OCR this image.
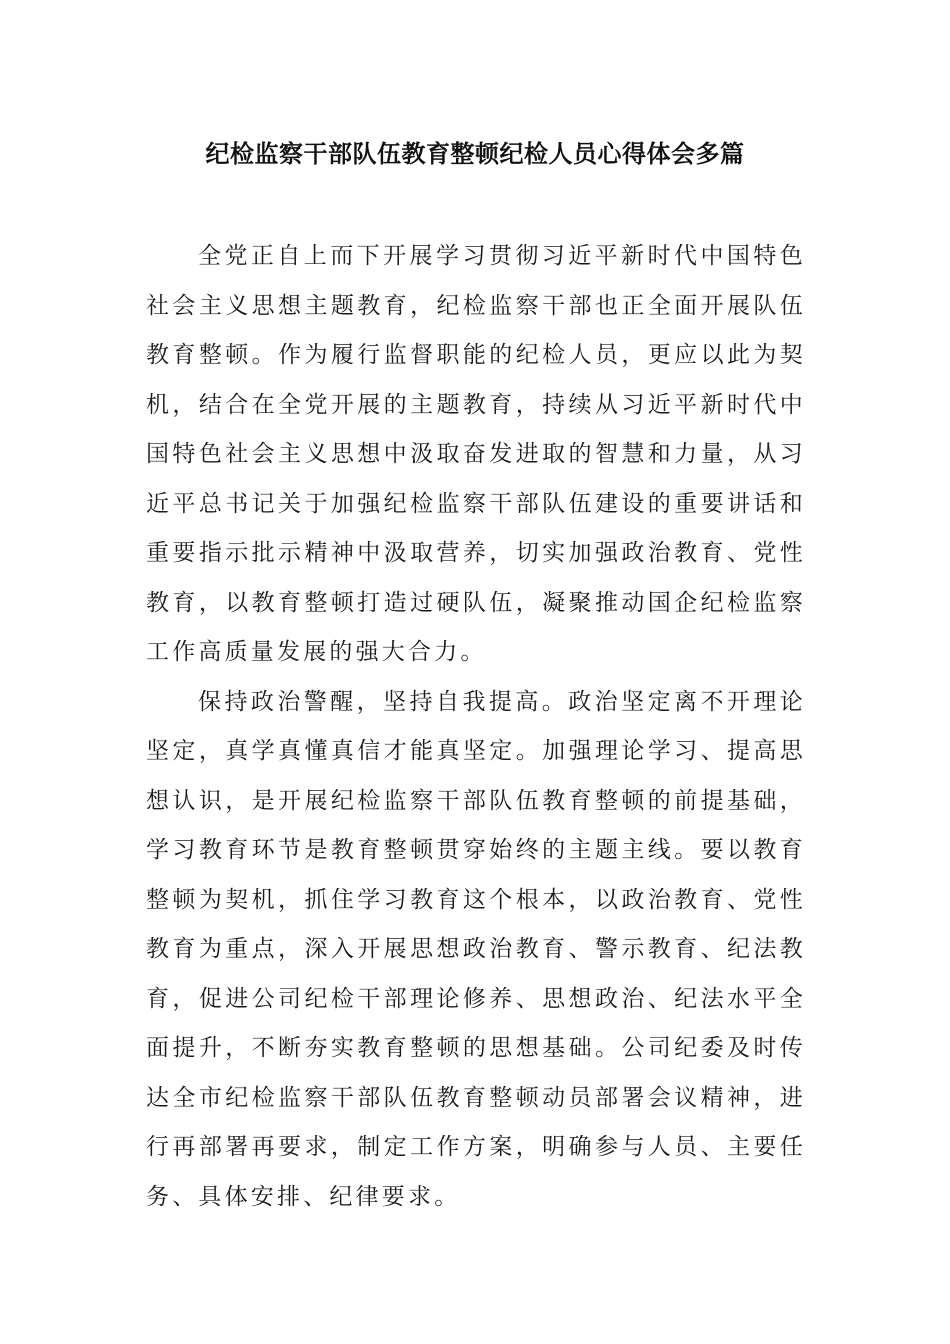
纪检监察干部队伍教育整顿纪检人员心得体会多篇

全党正自上而下开展学习贯彻习近平新时代中国特色社会主义思想主题教育，纪检监察干部也正全面开展队伍教育整顿。作为履行监督职能的纪检人员，更应以此为契机，结合在全党开展的主题教育，持续从习近平新时代中国特色社会主义思想中汲取奋发进取的智慧和力量，从习近平总书记关于加强纪检监察干部队伍建设的重要讲话和重要指示批示精神中汲取营养，切实加强政治教育、党性教育，以教育整顿打造过硬队伍，凝聚推动国企纪检监察工作高质量发展的强大合力。

保持政治警醒，坚持自我提高。政治坚定离不开理论坚定，真学真懂真信才能真坚定。加强理论学习、提高思想认识，是开展纪检监察干部队伍教育整顿的前提基础，学习教育环节是教育整顿贯穿始终的主题主线。要以教育整顿为契机，抓住学习教育这个根本，以政治教育、党性教育为重点，深入开展思想政治教育、警示教育、纪法教育，促进公司纪检干部理论修养、思想政治、纪法水平全面提升，不断夯实教育整顿的思想基础。公司纪委及时传达全市纪检监察干部队伍教育整顿动员部署会议精神，进行再部署再要求，制定工作方案，明确参与人员、主要任务、具体安排、纪律要求。
